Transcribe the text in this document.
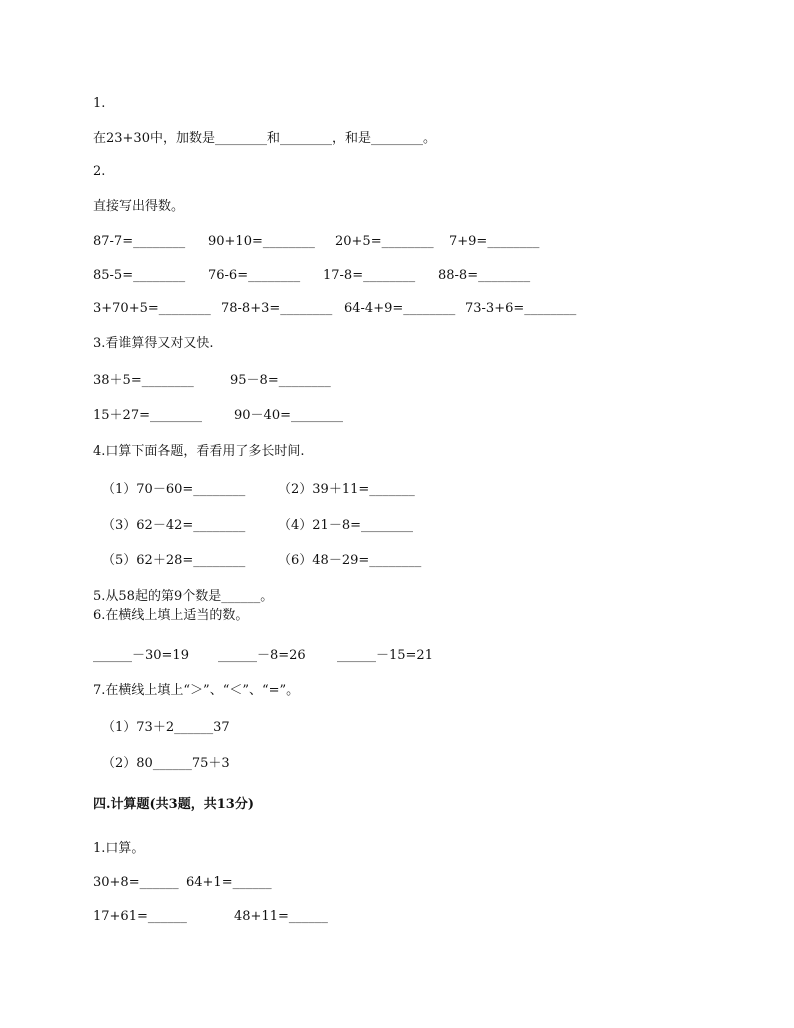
1.
在23+30中，加数是________和________，和是________。
2.
直接写出得数。
87-7=________ 90+10=________ 20+5=________ 7+9=________
85-5=________ 76-6=________ 17-8=________ 88-8=________
3+70+5=________ 78-8+3=________ 64-4+9=________ 73-3+6=________
3.看谁算得又对又快.
38＋5=________	95－8=________
15＋27=________ 90－40=________
4.口算下面各题，看看用了多长时间.
（1）70－60=________	（2）39＋11=_______
（3）62－42=________	（4）21－8=________
（5）62＋28=________	（6）48－29=________
5.从58起的第9个数是______。
6.在横线上填上适当的数。
______－30=19 ______－8=26 ______－15=21
7.在横线上填上“＞”、“＜”、“=”。
（1）73＋2______37
（2）80______75＋3
四.计算题(共3题，共13分)
1.口算。
30+8=______ 64+1=______
17+61=______	48+11=______
